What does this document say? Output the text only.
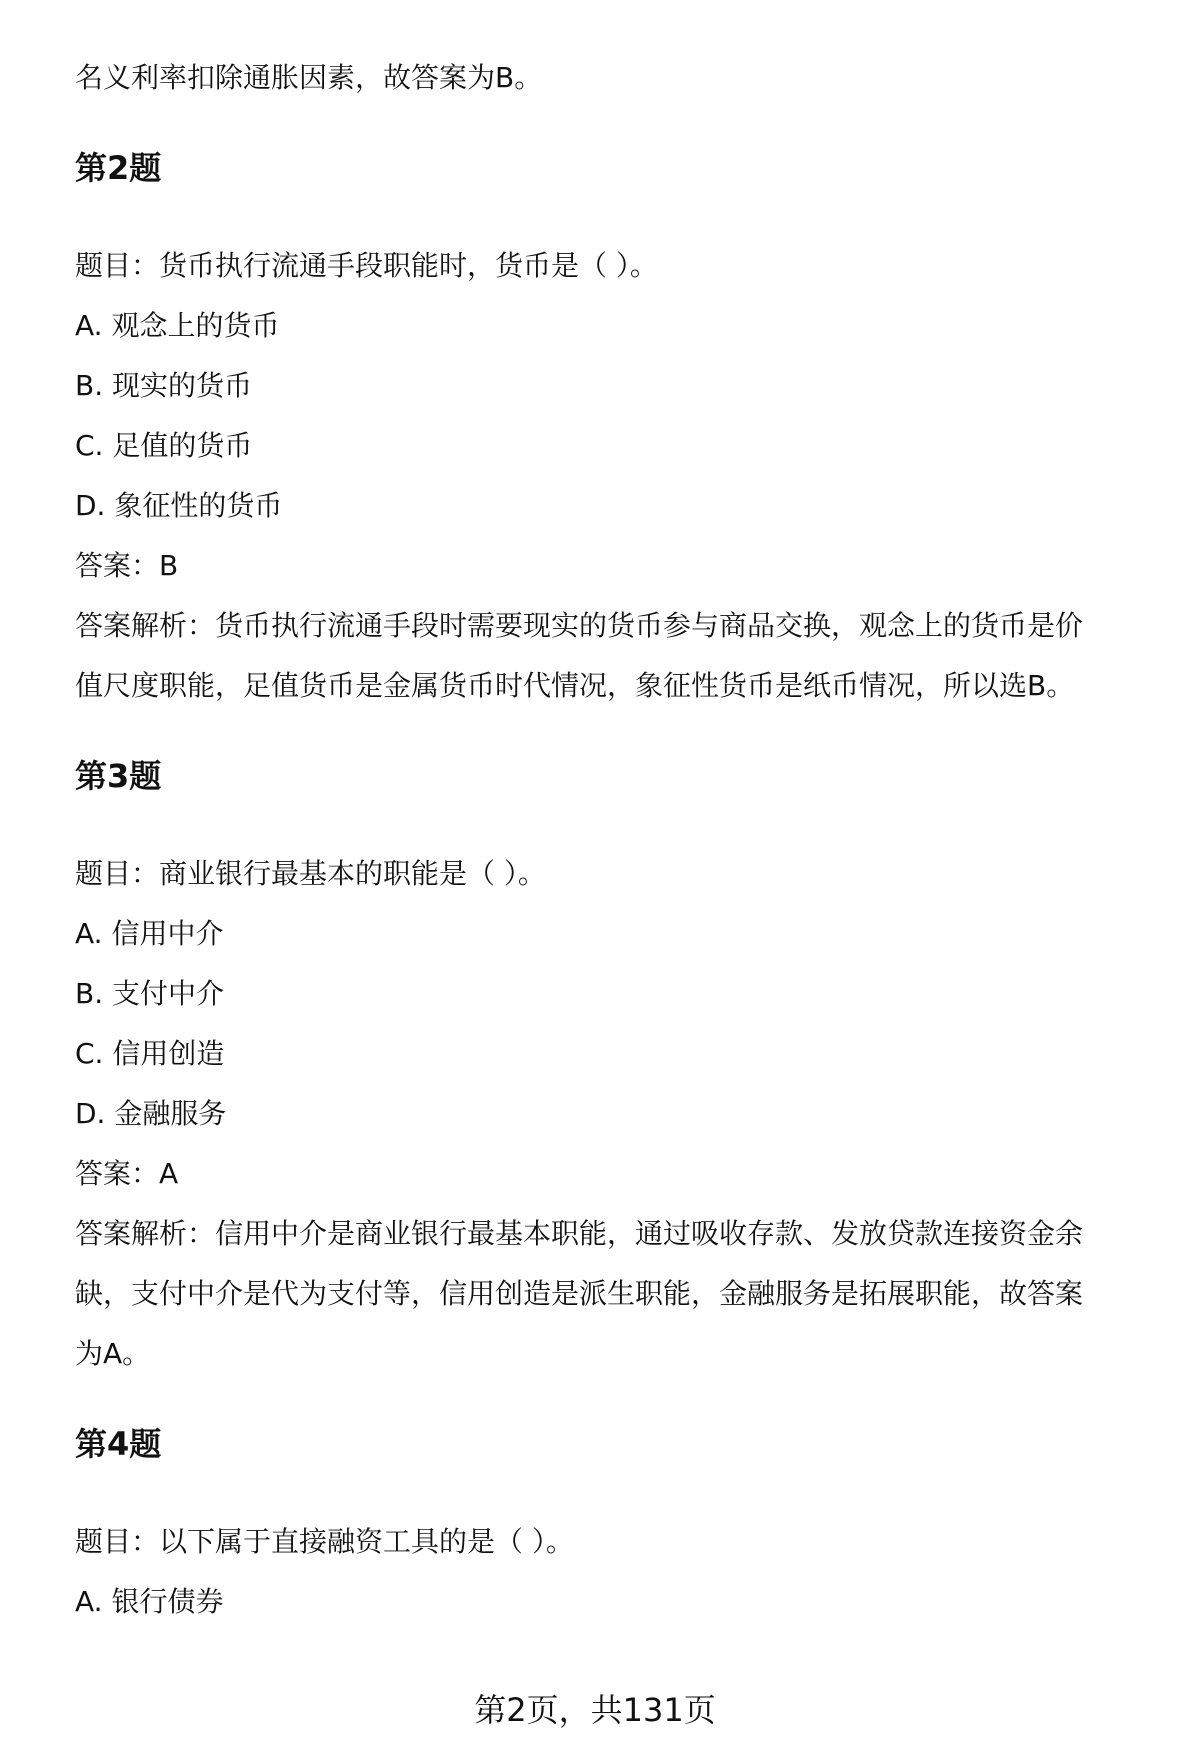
名义利率扣除通胀因素，故答案为B。

第2题

题目：货币执行流通手段职能时，货币是（ ）。

A. 观念上的货币

B. 现实的货币

C. 足值的货币

D. 象征性的货币

答案：B

答案解析：货币执行流通手段时需要现实的货币参与商品交换，观念上的货币是价

值尺度职能，足值货币是金属货币时代情况，象征性货币是纸币情况，所以选B。

第3题

题目：商业银行最基本的职能是（ ）。

A. 信用中介

B. 支付中介

C. 信用创造

D. 金融服务

答案：A

答案解析：信用中介是商业银行最基本职能，通过吸收存款、发放贷款连接资金余

缺，支付中介是代为支付等，信用创造是派生职能，金融服务是拓展职能，故答案

为A。

第4题

题目：以下属于直接融资工具的是（ ）。

A. 银行债券

第2页，共131页
